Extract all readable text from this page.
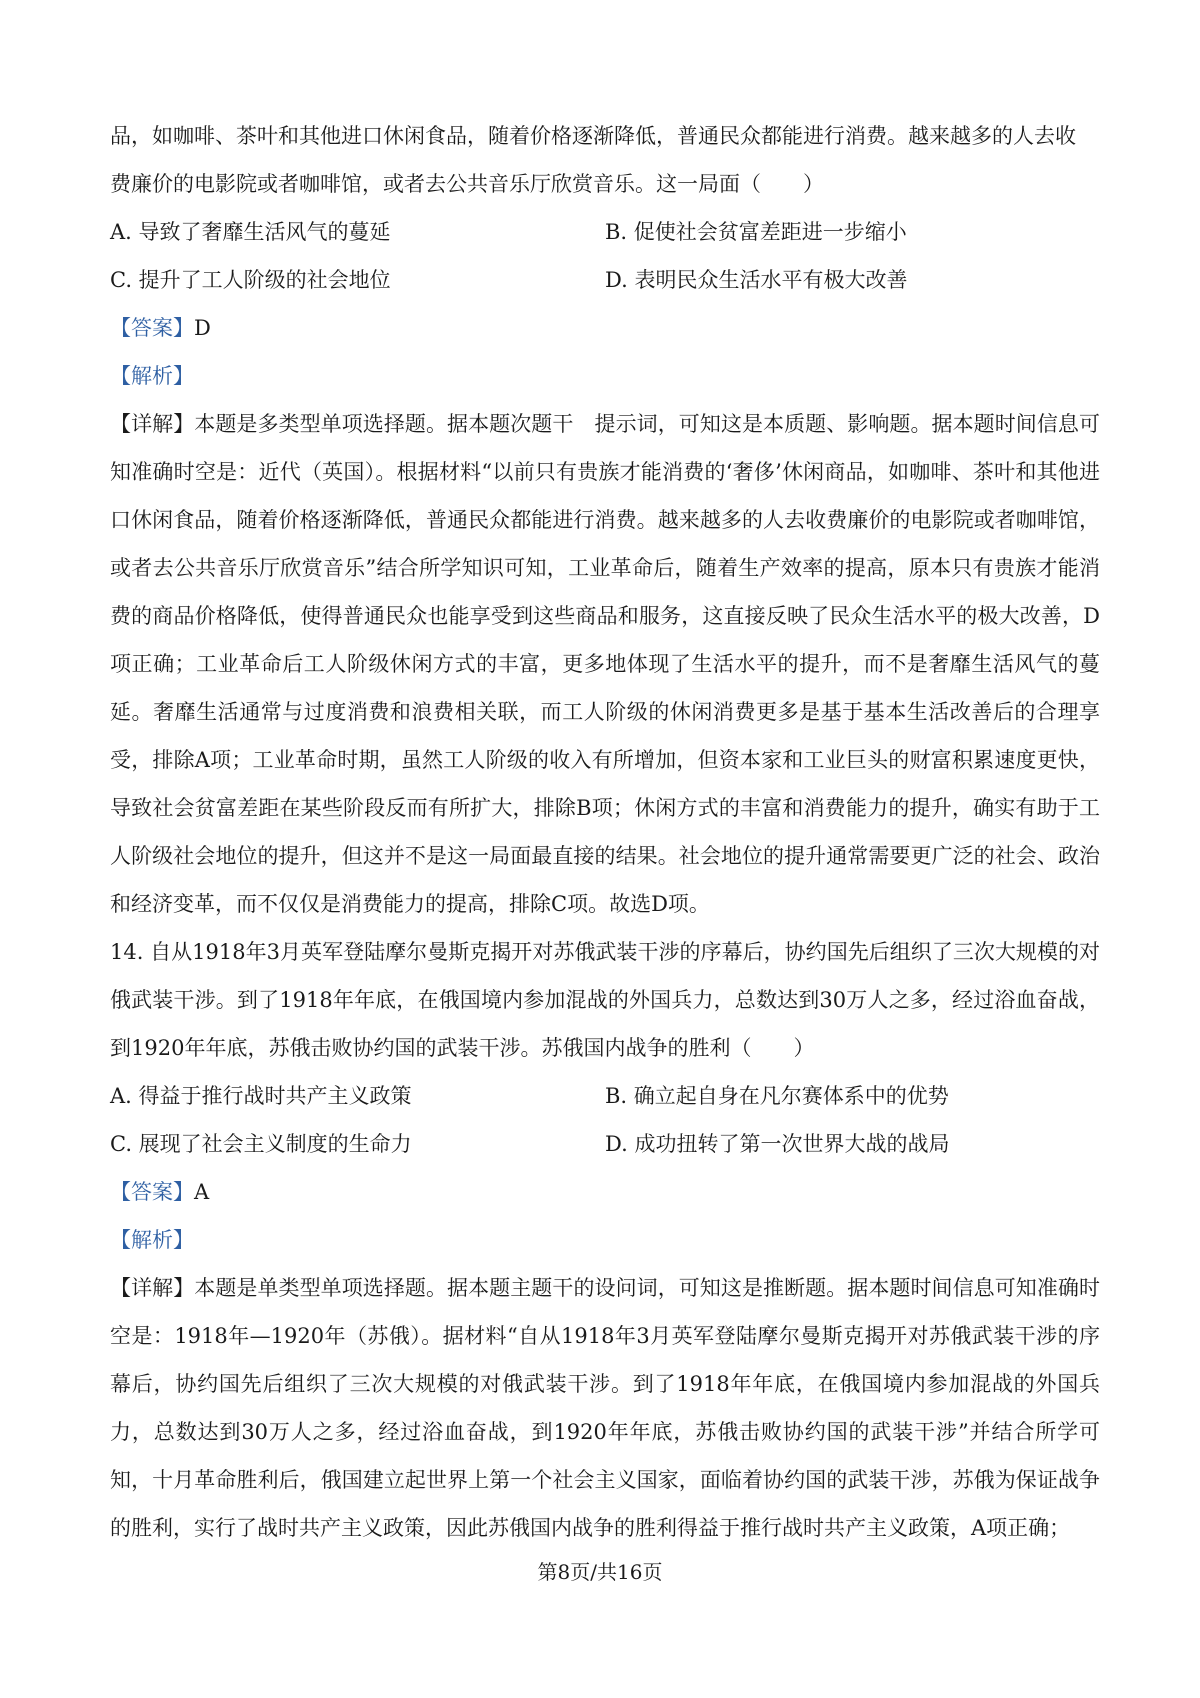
品，如咖啡、茶叶和其他进口休闲食品，随着价格逐渐降低，普通民众都能进行消费。越来越多的人去收

费廉价的电影院或者咖啡馆，或者去公共音乐厅欣赏音乐。这一局面（　　）

A. 导致了奢靡生活风气的蔓延	B. 促使社会贫富差距进一步缩小
C. 提升了工人阶级的社会地位	D. 表明民众生活水平有极大改善

【答案】D

【解析】

【详解】本题是多类型单项选择题。据本题次题干　提示词，可知这是本质题、影响题。据本题时间信息可知准确时空是：近代（英国）。根据材料“以前只有贵族才能消费的‘奢侈’休闲商品，如咖啡、茶叶和其他进口休闲食品，随着价格逐渐降低，普通民众都能进行消费。越来越多的人去收费廉价的电影院或者咖啡馆，或者去公共音乐厅欣赏音乐”结合所学知识可知，工业革命后，随着生产效率的提高，原本只有贵族才能消费的商品价格降低，使得普通民众也能享受到这些商品和服务，这直接反映了民众生活水平的极大改善，D项正确；工业革命后工人阶级休闲方式的丰富，更多地体现了生活水平的提升，而不是奢靡生活风气的蔓延。奢靡生活通常与过度消费和浪费相关联，而工人阶级的休闲消费更多是基于基本生活改善后的合理享受，排除A项；工业革命时期，虽然工人阶级的收入有所增加，但资本家和工业巨头的财富积累速度更快，导致社会贫富差距在某些阶段反而有所扩大，排除B项；休闲方式的丰富和消费能力的提升，确实有助于工人阶级社会地位的提升，但这并不是这一局面最直接的结果。社会地位的提升通常需要更广泛的社会、政治和经济变革，而不仅仅是消费能力的提高，排除C项。故选D项。

14. 自从1918年3月英军登陆摩尔曼斯克揭开对苏俄武装干涉的序幕后，协约国先后组织了三次大规模的对俄武装干涉。到了1918年年底，在俄国境内参加混战的外国兵力，总数达到30万人之多，经过浴血奋战，到1920年年底，苏俄击败协约国的武装干涉。苏俄国内战争的胜利（　　）

A. 得益于推行战时共产主义政策	B. 确立起自身在凡尔赛体系中的优势
C. 展现了社会主义制度的生命力	D. 成功扭转了第一次世界大战的战局

【答案】A

【解析】

【详解】本题是单类型单项选择题。据本题主题干的设问词，可知这是推断题。据本题时间信息可知准确时空是：1918年—1920年（苏俄）。据材料“自从1918年3月英军登陆摩尔曼斯克揭开对苏俄武装干涉的序幕后，协约国先后组织了三次大规模的对俄武装干涉。到了1918年年底，在俄国境内参加混战的外国兵力，总数达到30万人之多，经过浴血奋战，到1920年年底，苏俄击败协约国的武装干涉”并结合所学可知，十月革命胜利后，俄国建立起世界上第一个社会主义国家，面临着协约国的武装干涉，苏俄为保证战争的胜利，实行了战时共产主义政策，因此苏俄国内战争的胜利得益于推行战时共产主义政策，A项正确；

第8页/共16页
